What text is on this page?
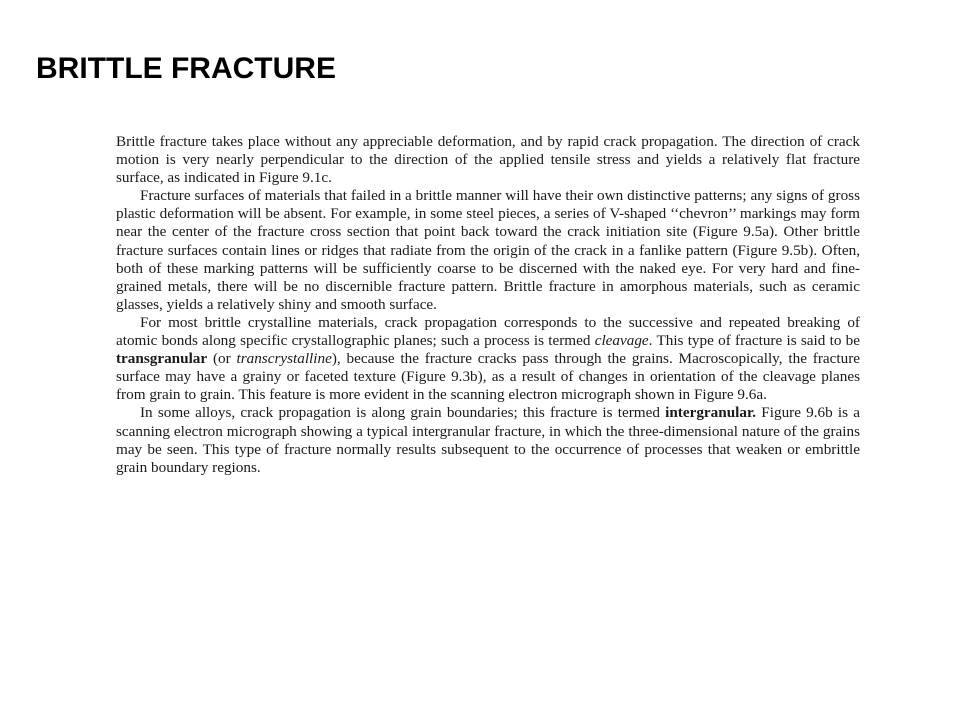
BRITTLE FRACTURE

Brittle fracture takes place without any appreciable deformation, and by rapid crack propagation. The direction of crack motion is very nearly perpendicular to the direction of the applied tensile stress and yields a relatively flat fracture surface, as indicated in Figure 9.1c.

Fracture surfaces of materials that failed in a brittle manner will have their own distinctive patterns; any signs of gross plastic deformation will be absent. For example, in some steel pieces, a series of V-shaped ‘‘chevron’’ markings may form near the center of the fracture cross section that point back toward the crack initiation site (Figure 9.5a). Other brittle fracture surfaces contain lines or ridges that radiate from the origin of the crack in a fanlike pattern (Figure 9.5b). Often, both of these marking patterns will be sufficiently coarse to be discerned with the naked eye. For very hard and fine-grained metals, there will be no discernible fracture pattern. Brittle fracture in amorphous materials, such as ceramic glasses, yields a relatively shiny and smooth surface.

For most brittle crystalline materials, crack propagation corresponds to the successive and repeated breaking of atomic bonds along specific crystallographic planes; such a process is termed cleavage. This type of fracture is said to be transgranular (or transcrystalline), because the fracture cracks pass through the grains. Macroscopically, the fracture surface may have a grainy or faceted texture (Figure 9.3b), as a result of changes in orientation of the cleavage planes from grain to grain. This feature is more evident in the scanning electron micrograph shown in Figure 9.6a.

In some alloys, crack propagation is along grain boundaries; this fracture is termed intergranular. Figure 9.6b is a scanning electron micrograph showing a typical intergranular fracture, in which the three-dimensional nature of the grains may be seen. This type of fracture normally results subsequent to the occurrence of processes that weaken or embrittle grain boundary regions.
